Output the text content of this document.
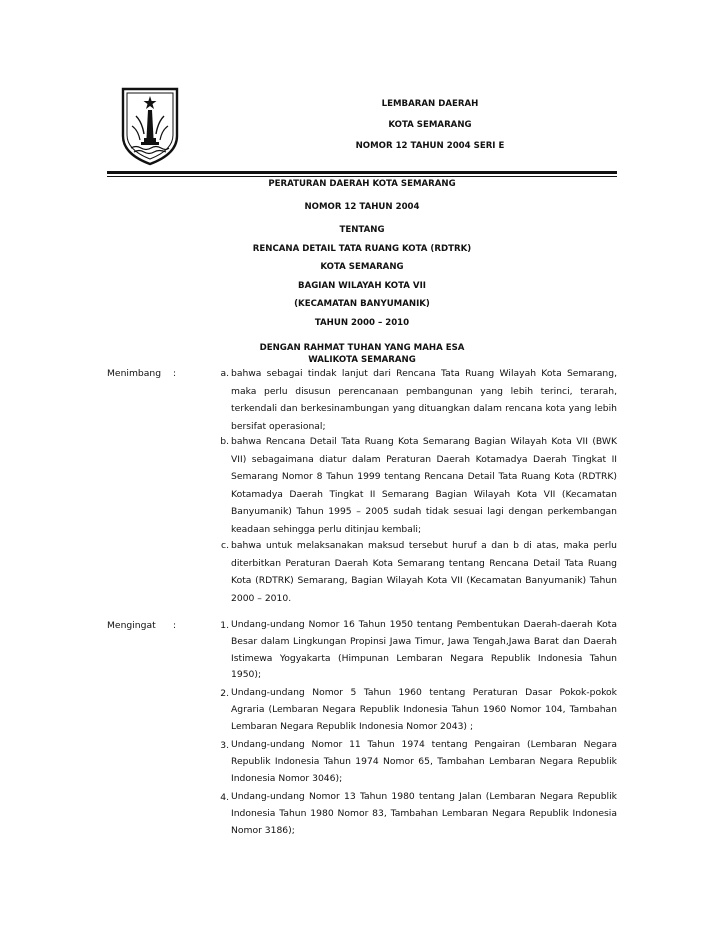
LEMBARAN DAERAH
KOTA SEMARANG
NOMOR 12 TAHUN 2004 SERI E
PERATURAN DAERAH KOTA SEMARANG
NOMOR 12 TAHUN 2004
TENTANG
RENCANA DETAIL TATA RUANG KOTA (RDTRK)
KOTA SEMARANG
BAGIAN WILAYAH KOTA VII
(KECAMATAN BANYUMANIK)
TAHUN 2000 – 2010
DENGAN RAHMAT TUHAN YANG MAHA ESA
WALIKOTA SEMARANG
Menimbang	:	a. bahwa sebagai tindak lanjut dari Rencana Tata Ruang Wilayah Kota Semarang, maka perlu disusun perencanaan pembangunan yang lebih terinci, terarah, terkendali dan berkesinambungan yang dituangkan dalam rencana kota yang lebih bersifat operasional;
b. bahwa Rencana Detail Tata Ruang Kota Semarang Bagian Wilayah Kota VII (BWK VII) sebagaimana diatur dalam Peraturan Daerah Kotamadya Daerah Tingkat II Semarang Nomor 8 Tahun 1999 tentang Rencana Detail Tata Ruang Kota (RDTRK) Kotamadya Daerah Tingkat II Semarang Bagian Wilayah Kota VII (Kecamatan Banyumanik) Tahun 1995 – 2005 sudah tidak sesuai lagi dengan perkembangan keadaan sehingga perlu ditinjau kembali;
c. bahwa untuk melaksanakan maksud tersebut huruf a dan b di atas, maka perlu diterbitkan Peraturan Daerah Kota Semarang tentang Rencana Detail Tata Ruang Kota (RDTRK) Semarang, Bagian Wilayah Kota VII (Kecamatan Banyumanik) Tahun 2000 – 2010.
Mengingat	:	1. Undang-undang Nomor 16 Tahun 1950 tentang Pembentukan Daerah-daerah Kota Besar dalam Lingkungan Propinsi Jawa Timur, Jawa Tengah,Jawa Barat dan Daerah Istimewa Yogyakarta (Himpunan Lembaran Negara Republik Indonesia Tahun 1950);
2. Undang-undang Nomor 5 Tahun 1960 tentang Peraturan Dasar Pokok-pokok Agraria (Lembaran Negara Republik Indonesia Tahun 1960 Nomor 104, Tambahan Lembaran Negara Republik Indonesia Nomor 2043) ;
3. Undang-undang Nomor 11 Tahun 1974 tentang Pengairan (Lembaran Negara Republik Indonesia Tahun 1974 Nomor 65, Tambahan Lembaran Negara Republik Indonesia Nomor 3046);
4. Undang-undang Nomor 13 Tahun 1980 tentang Jalan (Lembaran Negara Republik Indonesia Tahun 1980 Nomor 83, Tambahan Lembaran Negara Republik Indonesia Nomor 3186);
